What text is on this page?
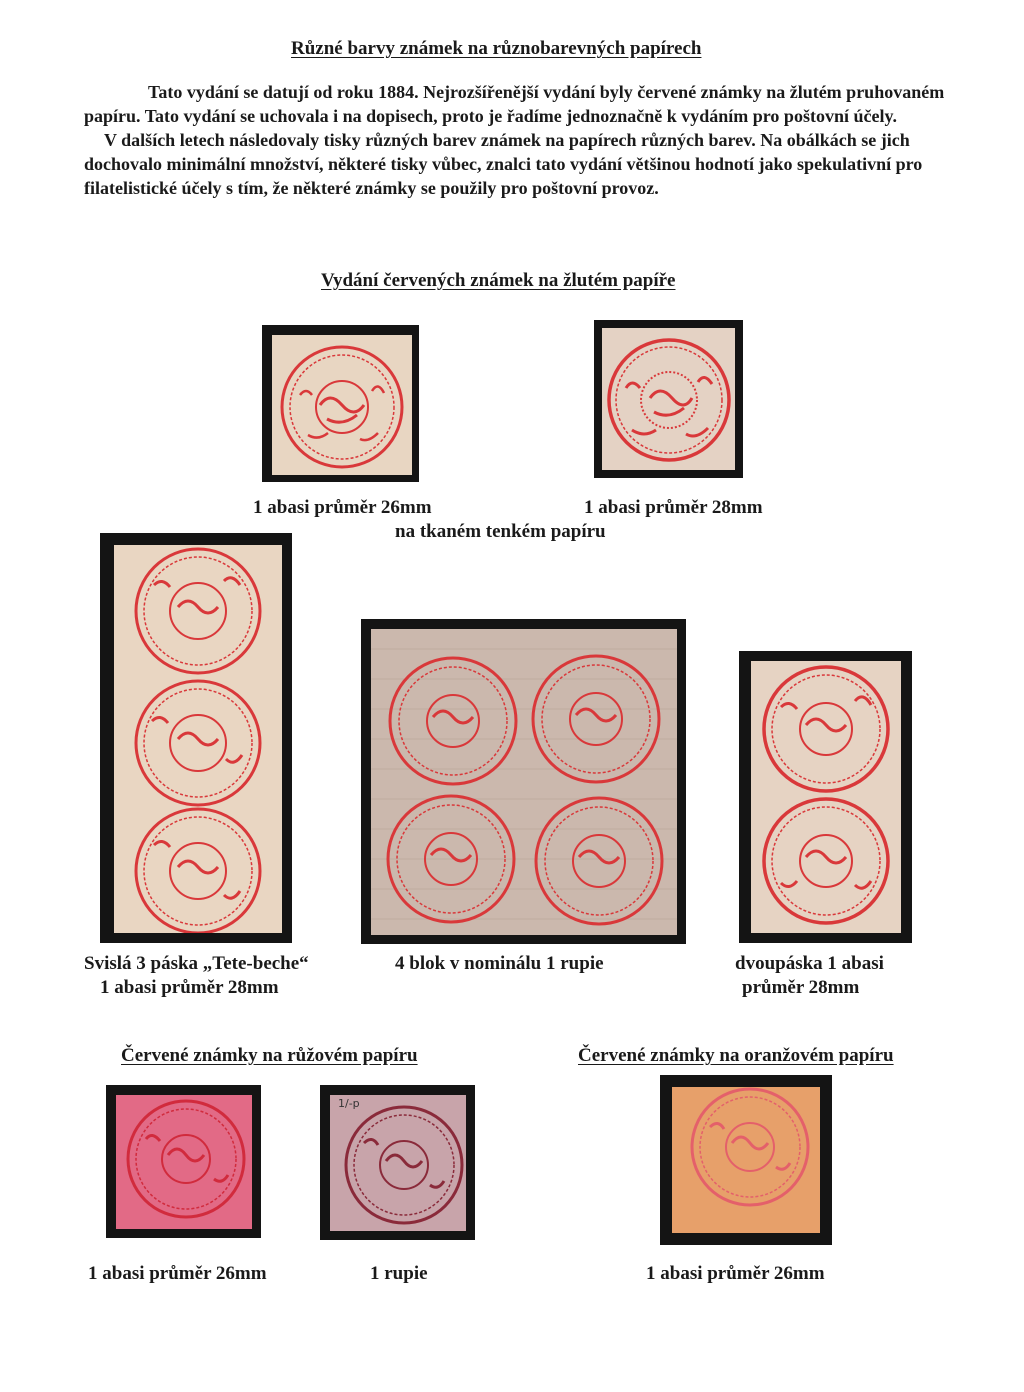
Různé barvy známek na různobarevných papírech

Tato vydání se datují od roku 1884. Nejrozšířenější vydání byly červené známky na žlutém pruhovaném papíru. Tato vydání se uchovala i na dopisech, proto je řadíme jednoznačně k vydáním pro poštovní účely.

V dalších letech následovaly tisky různých barev známek na papírech různých barev. Na obálkách se jich dochovalo minimální množství, některé tisky vůbec, znalci tato vydání většinou hodnotí jako spekulativní pro filatelistické účely s tím, že některé známky se použily pro poštovní provoz.

Vydání červených známek na žlutém papíře
1 abasi průměr 26mm	1 abasi průměr 28mm
na tkaném tenkém papíru
Svislá 3 páska „Tete-beche“
1 abasi průměr 28mm
4 blok v nominálu 1 rupie	dvoupáska 1 abasi
průměr 28mm
Červené známky na růžovém papíru	Červené známky na oranžovém papíru
1/-p
1 abasi průměr 26mm	1 rupie	1 abasi průměr 26mm
